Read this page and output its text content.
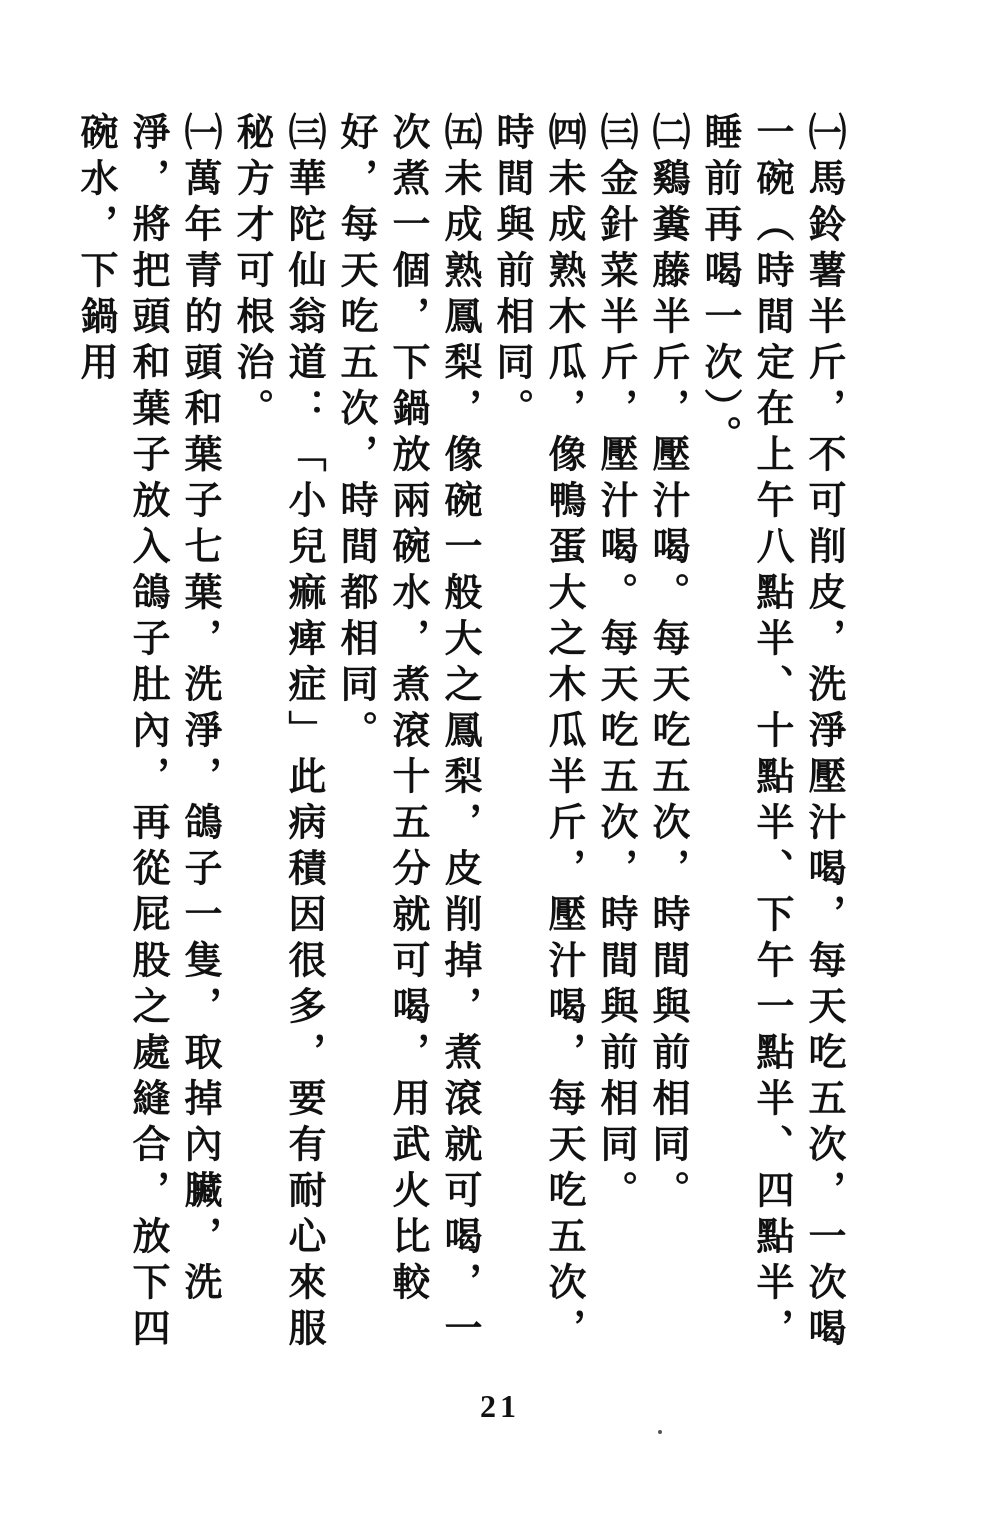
㈠馬鈴薯半斤，不可削皮，洗淨壓汁喝，每天吃五次，一次喝一碗（時間定在上午八點半、十點半、下午一點半、四點半，睡前再喝一次）。

㈡鷄糞藤半斤，壓汁喝。每天吃五次，時間與前相同。

㈢金針菜半斤，壓汁喝。每天吃五次，時間與前相同。

㈣未成熟木瓜，像鴨蛋大之木瓜半斤，壓汁喝，每天吃五次，時間與前相同。

㈤未成熟鳳梨，像碗一般大之鳳梨，皮削掉，煮滾就可喝，一次煮一個，下鍋放兩碗水，煮滾十五分就可喝，用武火比較好，每天吃五次，時間都相同。

㈢華陀仙翁道：「小兒痲痺症」此病積因很多，要有耐心來服秘方才可根治。

㈠萬年青的頭和葉子七葉，洗淨，鴿子一隻，取掉內臟，洗淨，將把頭和葉子放入鴿子肚內，再從屁股之處縫合，放下四碗水，下鍋用

21
